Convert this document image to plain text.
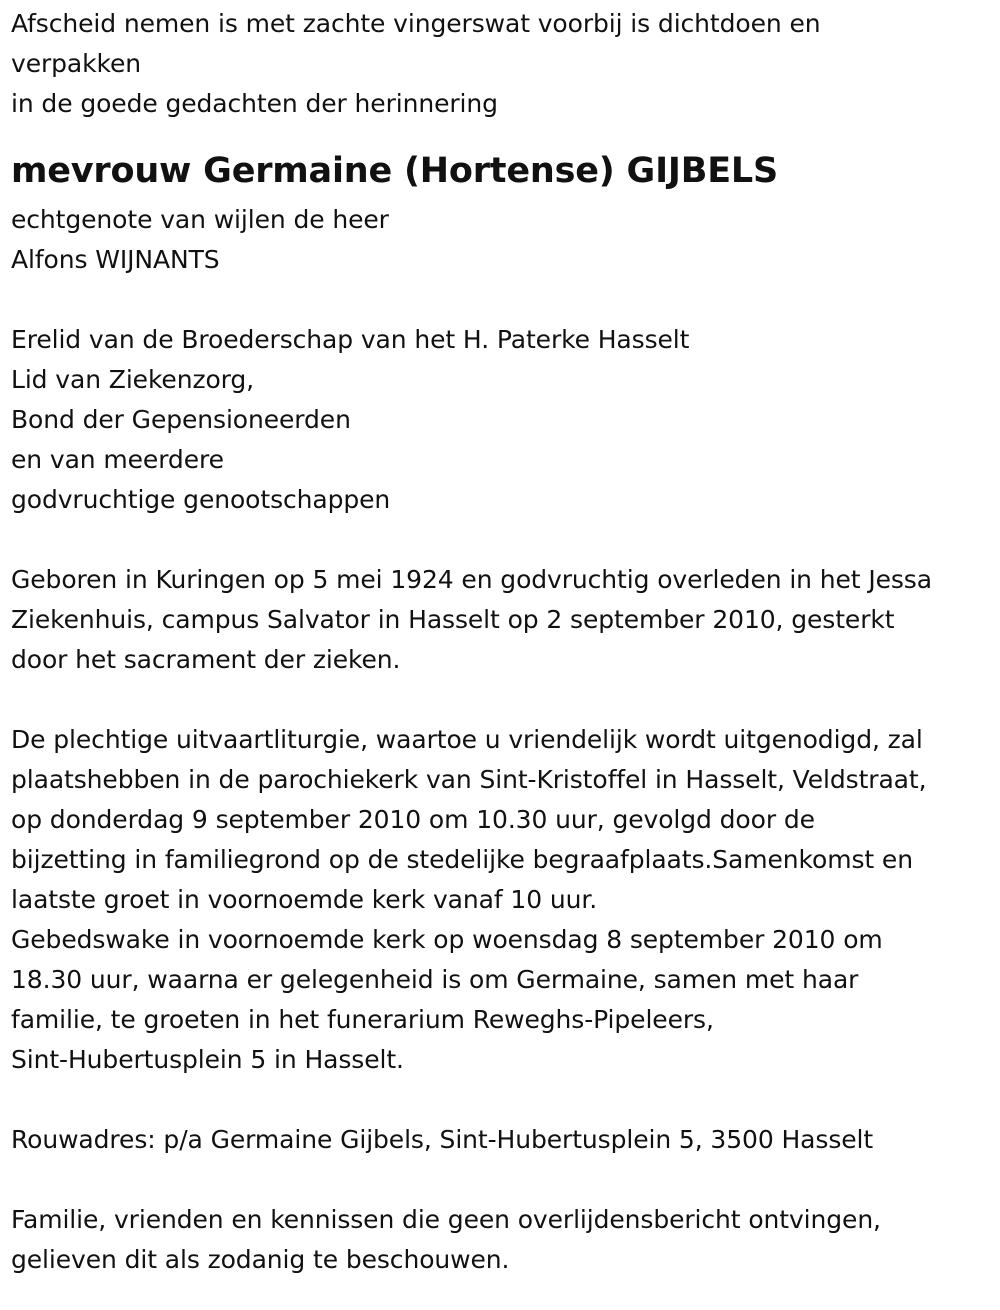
Afscheid nemen is met zachte vingerswat voorbij is dichtdoen en
verpakken
in de goede gedachten der herinnering
mevrouw Germaine (Hortense) GIJBELS
echtgenote van wijlen de heer
Alfons WIJNANTS
Erelid van de Broederschap van het H. Paterke Hasselt
Lid van Ziekenzorg,
Bond der Gepensioneerden
en van meerdere
godvruchtige genootschappen
Geboren in Kuringen op 5 mei 1924 en godvruchtig overleden in het Jessa
Ziekenhuis, campus Salvator in Hasselt op 2 september 2010, gesterkt
door het sacrament der zieken.
De plechtige uitvaartliturgie, waartoe u vriendelijk wordt uitgenodigd, zal
plaatshebben in de parochiekerk van Sint-Kristoffel in Hasselt, Veldstraat,
op donderdag 9 september 2010 om 10.30 uur, gevolgd door de
bijzetting in familiegrond op de stedelijke begraafplaats.Samenkomst en
laatste groet in voornoemde kerk vanaf 10 uur.
Gebedswake in voornoemde kerk op woensdag 8 september 2010 om
18.30 uur, waarna er gelegenheid is om Germaine, samen met haar
familie, te groeten in het funerarium Reweghs-Pipeleers,
Sint-Hubertusplein 5 in Hasselt.
Rouwadres: p/a Germaine Gijbels, Sint-Hubertusplein 5, 3500 Hasselt
Familie, vrienden en kennissen die geen overlijdensbericht ontvingen,
gelieven dit als zodanig te beschouwen.
